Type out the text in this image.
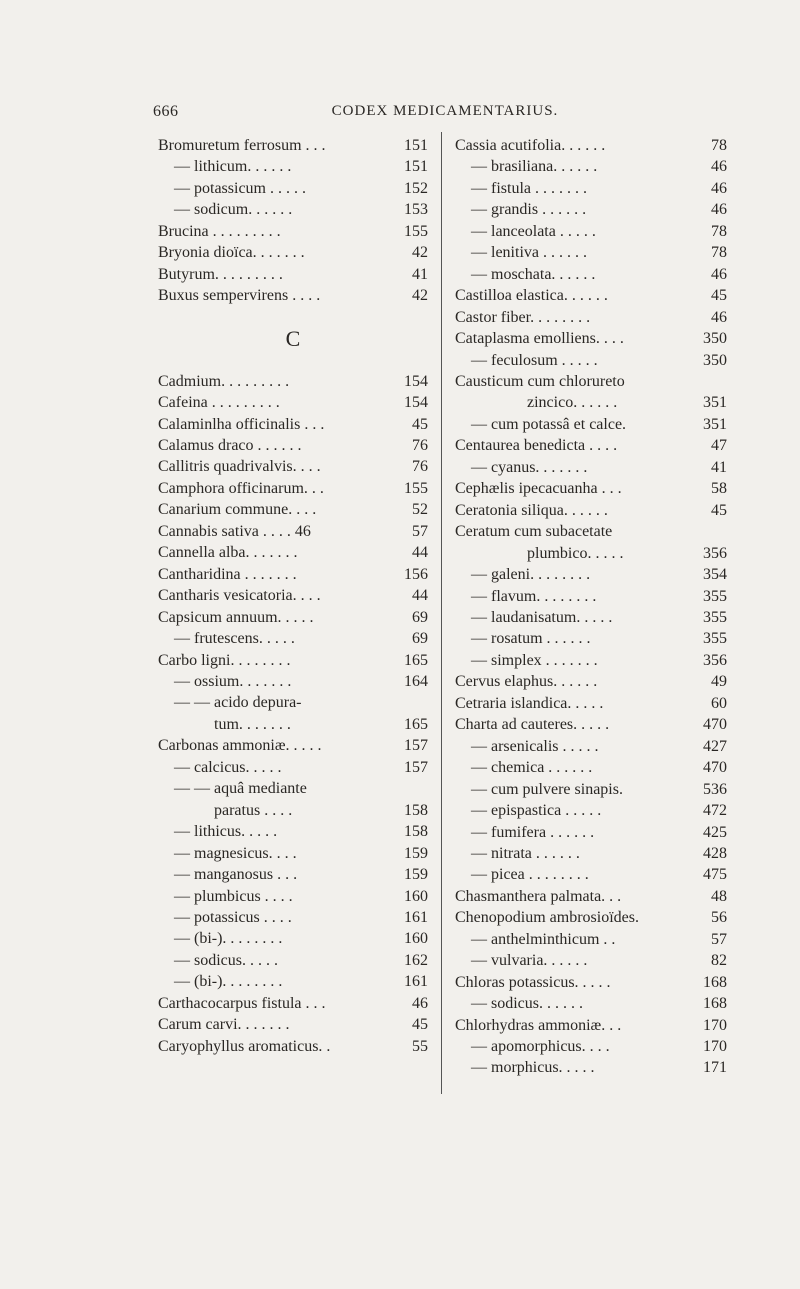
666	CODEX MEDICAMENTARIUS.
Bromuretum ferrosum . . .	151
— lithicum. . . . . .	151
— potassicum . . . . .	152
— sodicum. . . . . .	153
Brucina . . . . . . . . .	155
Bryonia dioïca. . . . . . .	42
Butyrum. . . . . . . . .	41
Buxus sempervirens . . . .	42
C
Cadmium. . . . . . . . .	154
Cafeina . . . . . . . . .	154
Calaminlha officinalis . . .	45
Calamus draco . . . . . .	76
Callitris quadrivalvis. . . .	76
Camphora officinarum. . .	155
Canarium commune. . . .	52
Cannabis sativa . . . . 46	57
Cannella alba. . . . . . .	44
Cantharidina . . . . . . .	156
Cantharis vesicatoria. . . .	44
Capsicum annuum. . . . .	69
— frutescens. . . . .	69
Carbo ligni. . . . . . . .	165
— ossium. . . . . . .	164
— — acido depura-
tum. . . . . . .	165
Carbonas ammoniæ. . . . .	157
— calcicus. . . . .	157
— — aquâ mediante
paratus . . . .	158
— lithicus. . . . .	158
— magnesicus. . . .	159
— manganosus . . .	159
— plumbicus . . . .	160
— potassicus . . . .	161
— (bi-). . . . . . . .	160
— sodicus. . . . .	162
— (bi-). . . . . . . .	161
Carthacocarpus fistula . . .	46
Carum carvi. . . . . . .	45
Caryophyllus aromaticus. .	55
Cassia acutifolia. . . . . .	78
— brasiliana. . . . . .	46
— fistula . . . . . . .	46
— grandis . . . . . .	46
— lanceolata . . . . .	78
— lenitiva . . . . . .	78
— moschata. . . . . .	46
Castilloa elastica. . . . . .	45
Castor fiber. . . . . . . .	46
Cataplasma emolliens. . . .	350
— feculosum . . . . .	350
Causticum cum chlorureto
zincico. . . . . .	351
— cum potassâ et calce.	351
Centaurea benedicta . . . .	47
— cyanus. . . . . . .	41
Cephælis ipecacuanha . . .	58
Ceratonia siliqua. . . . . .	45
Ceratum cum subacetate
plumbico. . . . .	356
— galeni. . . . . . . .	354
— flavum. . . . . . . .	355
— laudanisatum. . . . .	355
— rosatum . . . . . .	355
— simplex . . . . . . .	356
Cervus elaphus. . . . . .	49
Cetraria islandica. . . . .	60
Charta ad cauteres. . . . .	470
— arsenicalis . . . . .	427
— chemica . . . . . .	470
— cum pulvere sinapis.	536
— epispastica . . . . .	472
— fumifera . . . . . .	425
— nitrata . . . . . .	428
— picea . . . . . . . .	475
Chasmanthera palmata. . .	48
Chenopodium ambrosioïdes.	56
— anthelminthicum . .	57
— vulvaria. . . . . .	82
Chloras potassicus. . . . .	168
— sodicus. . . . . .	168
Chlorhydras ammoniæ. . .	170
— apomorphicus. . . .	170
— morphicus. . . . .	171
